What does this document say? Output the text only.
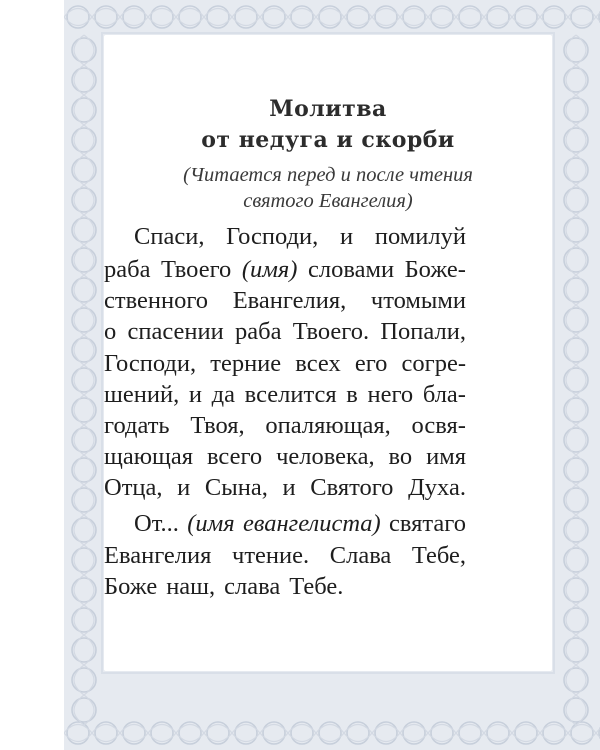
Молитва
от недуга и скорби
(Читается перед и после чтения
святого Евангелия)
Спаси, Господи, и помилуй
раба Твоего (имя) словами Боже-
ственного Евангелия, чтомыми
о спасении раба Твоего. Попали,
Господи, терние всех его согре-
шений, и да вселится в него бла-
годать Твоя, опаляющая, освя-
щающая всего человека, во имя
Отца, и Сына, и Святого Духа.
От... (имя евангелиста) святаго
Евангелия чтение. Слава Тебе,
Боже наш, слава Тебе.
